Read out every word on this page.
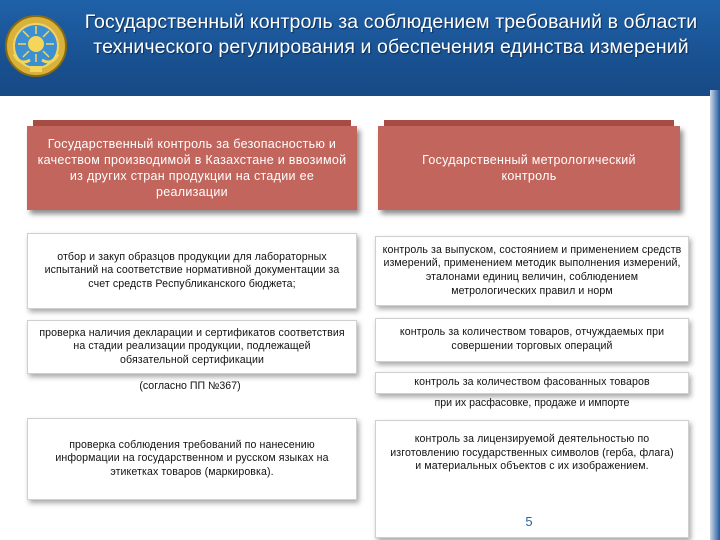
Государственный контроль за соблюдением требований в области технического регулирования и обеспечения единства измерений
Государственный контроль за безопасностью и качеством производимой в Казахстане и ввозимой из других стран продукции на стадии ее реализации
Государственный метрологический контроль
отбор и закуп образцов продукции для лабораторных испытаний на соответствие нормативной документации за счет средств Республиканского бюджета;
проверка наличия декларации и сертификатов соответствия на стадии реализации продукции, подлежащей обязательной сертификации
(согласно ПП №367)
проверка соблюдения требований по нанесению информации на государственном и русском языках на этикетках товаров (маркировка).
контроль за выпуском, состоянием и применением средств измерений, применением методик выполнения измерений, эталонами единиц величин, соблюдением метрологических правил и норм
контроль за количеством товаров, отчуждаемых при совершении торговых операций
контроль за количеством фасованных товаров
при их расфасовке, продаже и импорте
контроль за лицензируемой деятельностью по изготовлению государственных символов (герба, флага) и материальных объектов с их изображением.
5
